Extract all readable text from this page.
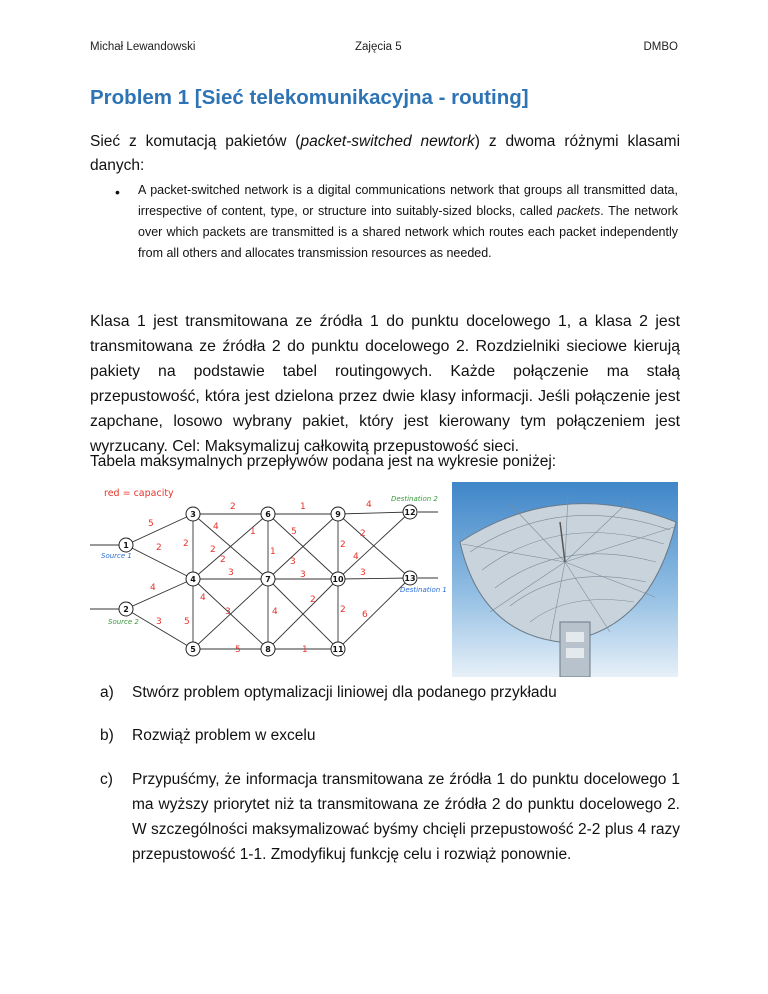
Michał Lewandowski	Zajęcia 5	DMBO
Problem 1 [Sieć telekomunikacyjna - routing]

Sieć z komutacją pakietów (packet-switched newtork) z dwoma różnymi klasami danych:

• A packet-switched network is a digital communications network that groups all transmitted data, irrespective of content, type, or structure into suitably-sized blocks, called packets. The network over which packets are transmitted is a shared network which routes each packet independently from all others and allocates transmission resources as needed.

Klasa 1 jest transmitowana ze źródła 1 do punktu docelowego 1, a klasa 2 jest transmitowana ze źródła 2 do punktu docelowego 2. Rozdzielniki sieciowe kierują pakiety na podstawie tabel routingowych. Każde połączenie ma stałą przepustowość, która jest dzielona przez dwie klasy informacji. Jeśli połączenie jest zapchane, losowo wybrany pakiet, który jest kierowany tym połączeniem jest wyrzucany. Cel: Maksymalizuj całkowitą przepustowość sieci.

Tabela maksymalnych przepływów podana jest na wykresie poniżej:

1
2
3
4
5
6
7
8
9
10
11
12
13
red = capacity
Source 1
Source 2
Destination 2
Destination 1
5
2
4
3
2
4
5
2	1
3
3
1
5
4
5
2
3
3
4
2
1
4
2
6
2
2
3
4
2
1
a) Stwórz problem optymalizacji liniowej dla podanego przykładu
b) Rozwiąż problem w excelu
c) Przypuśćmy, że informacja transmitowana ze źródła 1 do punktu docelowego 1 ma wyższy priorytet niż ta transmitowana ze źródła 2 do punktu docelowego 2. W szczególności maksymalizować byśmy chcięli przepustowość 2-2 plus 4 razy przepustowość 1-1. Zmodyfikuj funkcję celu i rozwiąż ponownie.
